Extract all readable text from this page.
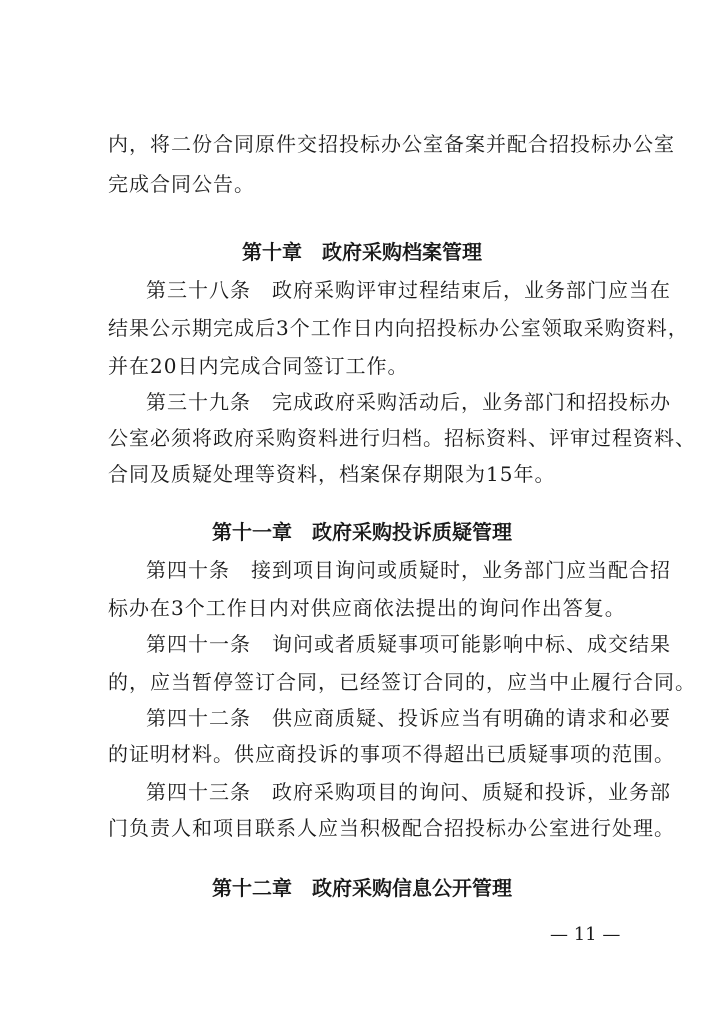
内，将二份合同原件交招投标办公室备案并配合招投标办公室
完成合同公告。
第十章　政府采购档案管理
第三十八条　政府采购评审过程结束后，业务部门应当在
结果公示期完成后3个工作日内向招投标办公室领取采购资料，
并在20日内完成合同签订工作。
第三十九条　完成政府采购活动后，业务部门和招投标办
公室必须将政府采购资料进行归档。招标资料、评审过程资料、
合同及质疑处理等资料，档案保存期限为15年。
第十一章　政府采购投诉质疑管理
第四十条　接到项目询问或质疑时，业务部门应当配合招
标办在3个工作日内对供应商依法提出的询问作出答复。
第四十一条　询问或者质疑事项可能影响中标、成交结果
的，应当暂停签订合同，已经签订合同的，应当中止履行合同。
第四十二条　供应商质疑、投诉应当有明确的请求和必要
的证明材料。供应商投诉的事项不得超出已质疑事项的范围。
第四十三条　政府采购项目的询问、质疑和投诉，业务部
门负责人和项目联系人应当积极配合招投标办公室进行处理。
第十二章　政府采购信息公开管理
— 11 —
